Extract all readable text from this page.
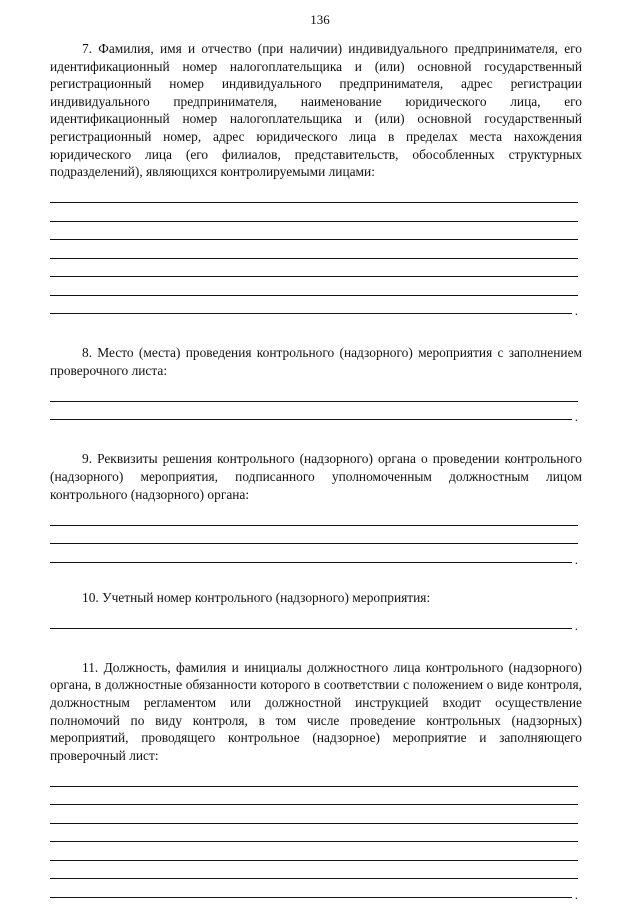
136

7. Фамилия, имя и отчество (при наличии) индивидуального предпринимателя, его идентификационный номер налогоплательщика и (или) основной государственный регистрационный номер индивидуального предпринимателя, адрес регистрации индивидуального предпринимателя, наименование юридического лица, его идентификационный номер налогоплательщика и (или) основной государственный регистрационный номер, адрес юридического лица в пределах места нахождения юридического лица (его филиалов, представительств, обособленных структурных подразделений), являющихся контролируемыми лицами:

.

8. Место (места) проведения контрольного (надзорного) мероприятия с заполнением проверочного листа:

.

9. Реквизиты решения контрольного (надзорного) органа о проведении контрольного (надзорного) мероприятия, подписанного уполномоченным должностным лицом контрольного (надзорного) органа:

.

10. Учетный номер контрольного (надзорного) мероприятия:

.

11. Должность, фамилия и инициалы должностного лица контрольного (надзорного) органа, в должностные обязанности которого в соответствии с положением о виде контроля, должностным регламентом или должностной инструкцией входит осуществление полномочий по виду контроля, в том числе проведение контрольных (надзорных) мероприятий, проводящего контрольное (надзорное) мероприятие и заполняющего проверочный лист:

.
